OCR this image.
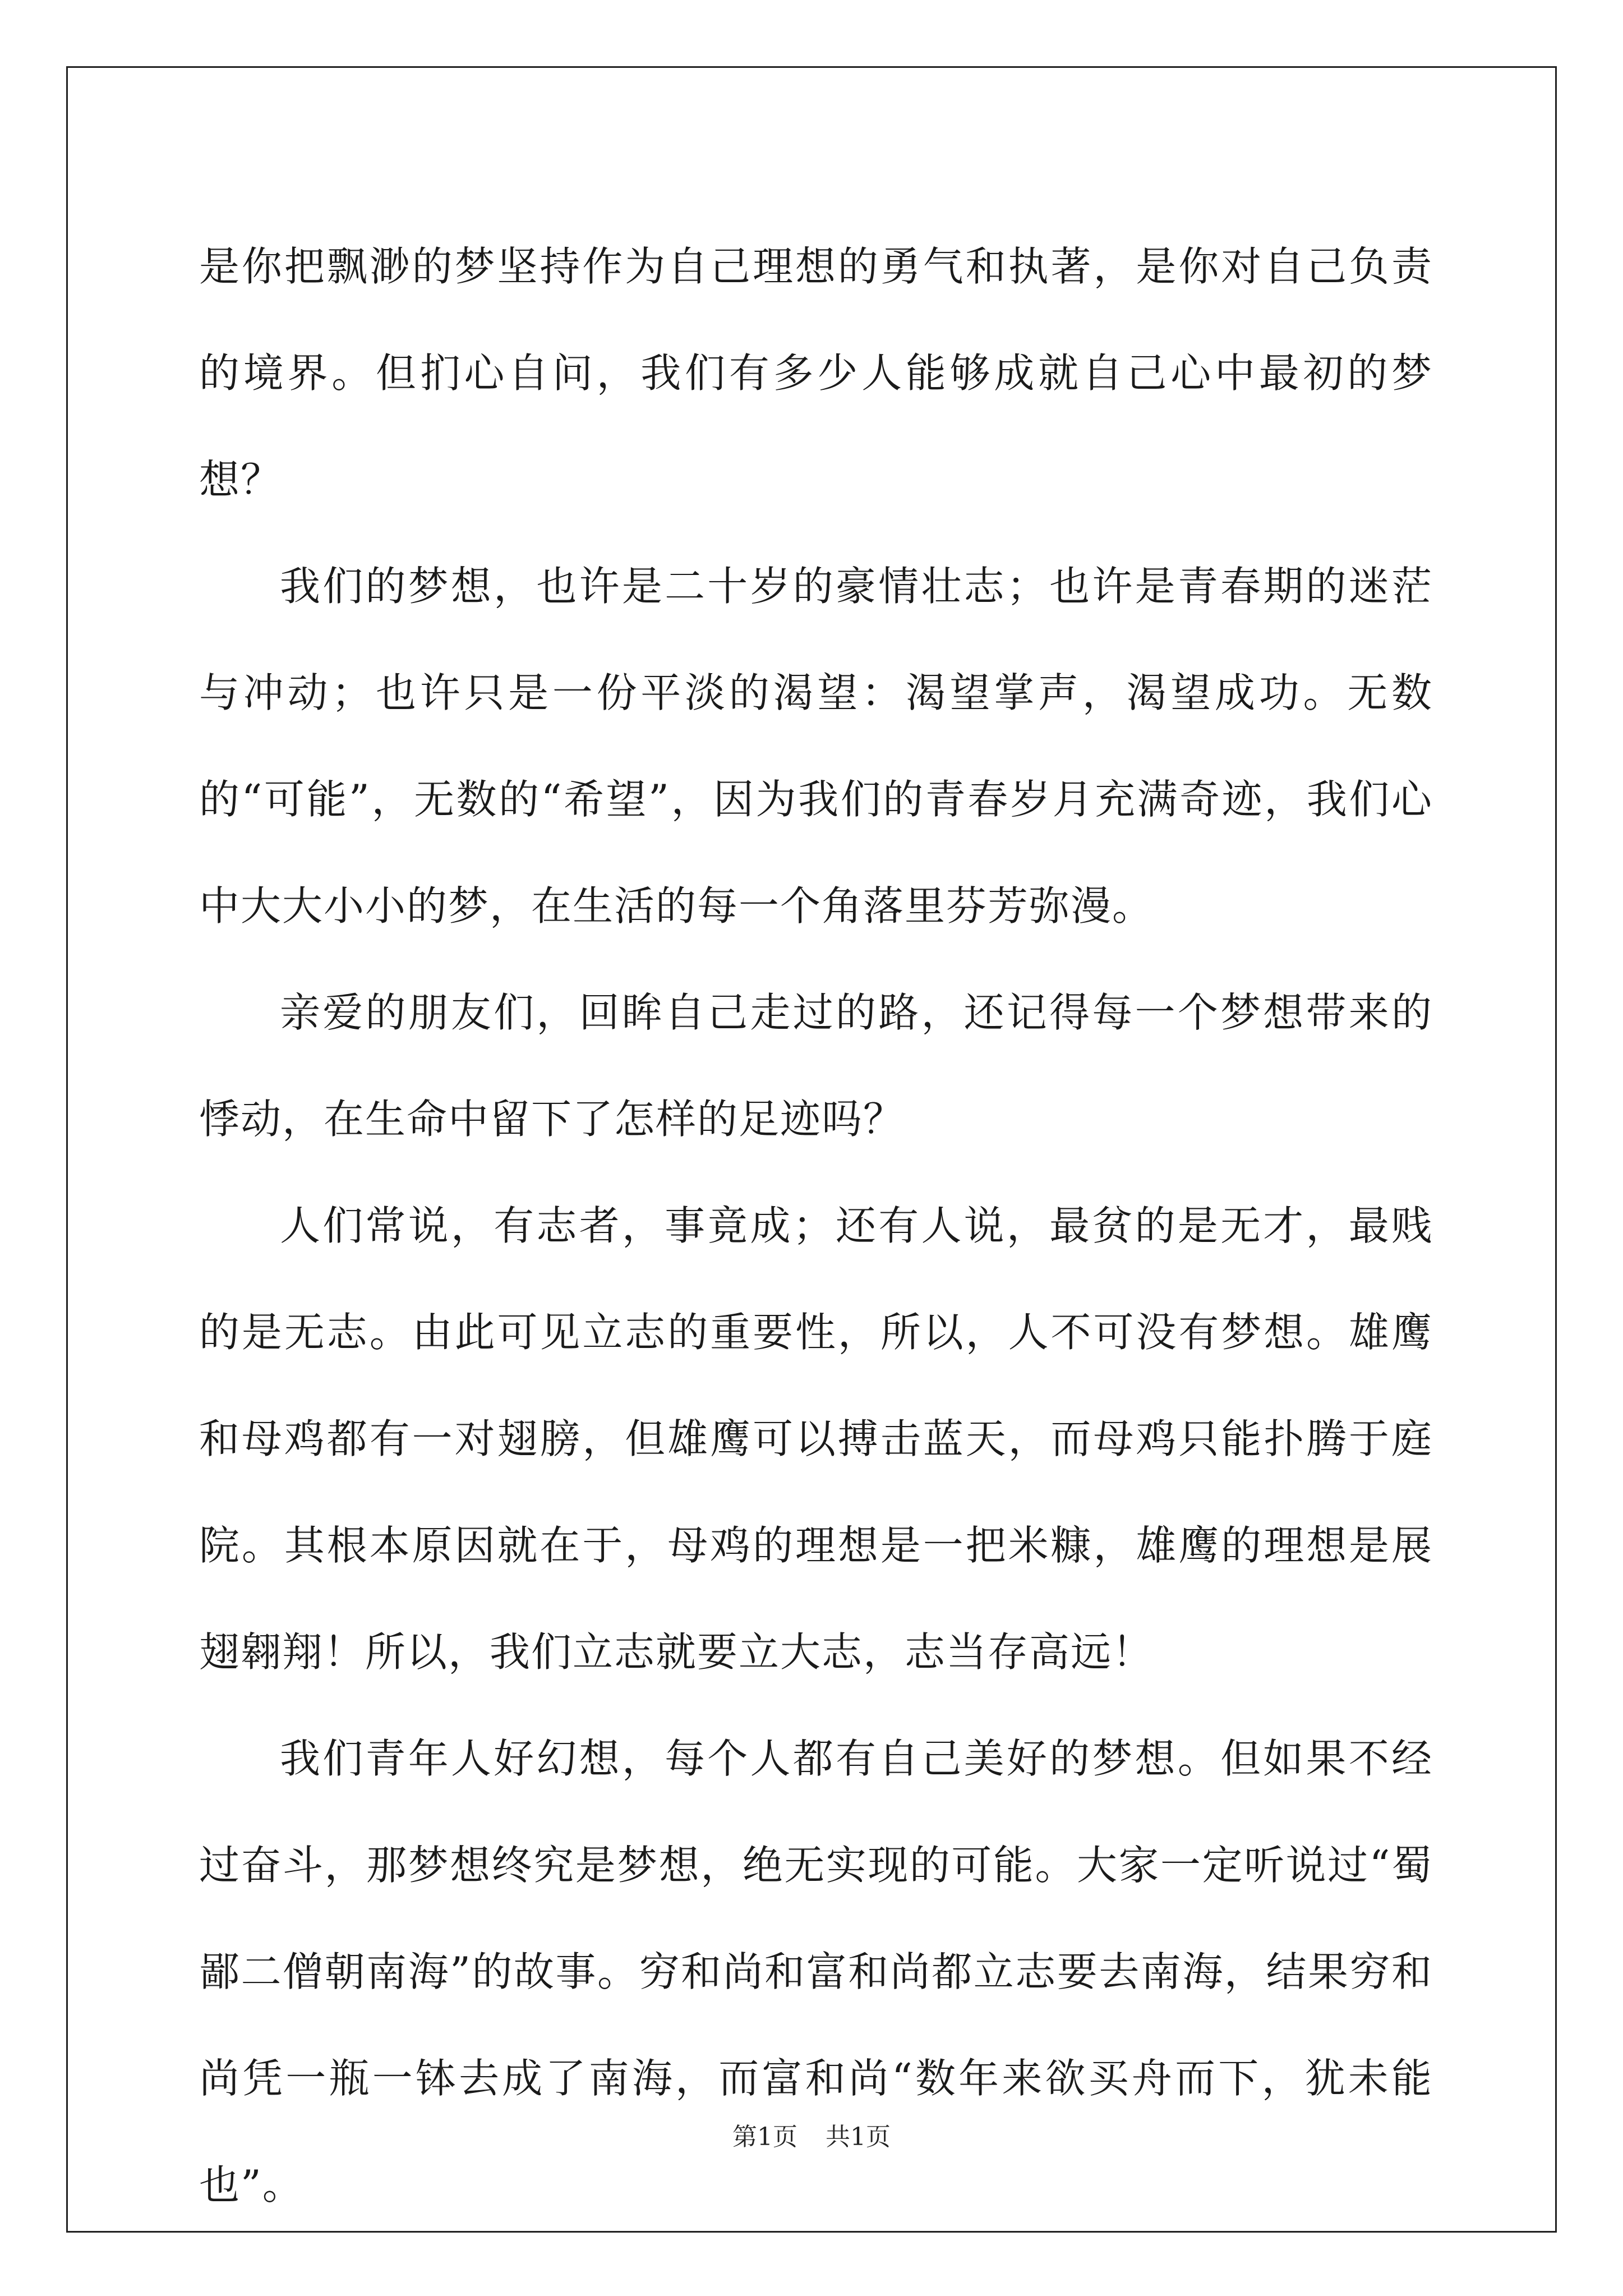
是你把飘渺的梦坚持作为自己理想的勇气和执著，是你对自己负责的境界。但扪心自问，我们有多少人能够成就自己心中最初的梦想？

我们的梦想，也许是二十岁的豪情壮志；也许是青春期的迷茫与冲动；也许只是一份平淡的渴望：渴望掌声，渴望成功。无数的“可能”，无数的“希望”，因为我们的青春岁月充满奇迹，我们心中大大小小的梦，在生活的每一个角落里芬芳弥漫。

亲爱的朋友们，回眸自己走过的路，还记得每一个梦想带来的悸动，在生命中留下了怎样的足迹吗？

人们常说，有志者，事竟成；还有人说，最贫的是无才，最贱的是无志。由此可见立志的重要性，所以，人不可没有梦想。雄鹰和母鸡都有一对翅膀，但雄鹰可以搏击蓝天，而母鸡只能扑腾于庭院。其根本原因就在于，母鸡的理想是一把米糠，雄鹰的理想是展翅翱翔！所以，我们立志就要立大志，志当存高远！

我们青年人好幻想，每个人都有自己美好的梦想。但如果不经过奋斗，那梦想终究是梦想，绝无实现的可能。大家一定听说过“蜀鄙二僧朝南海”的故事。穷和尚和富和尚都立志要去南海，结果穷和尚凭一瓶一钵去成了南海，而富和尚“数年来欲买舟而下，犹未能也”。

第1页 共1页
